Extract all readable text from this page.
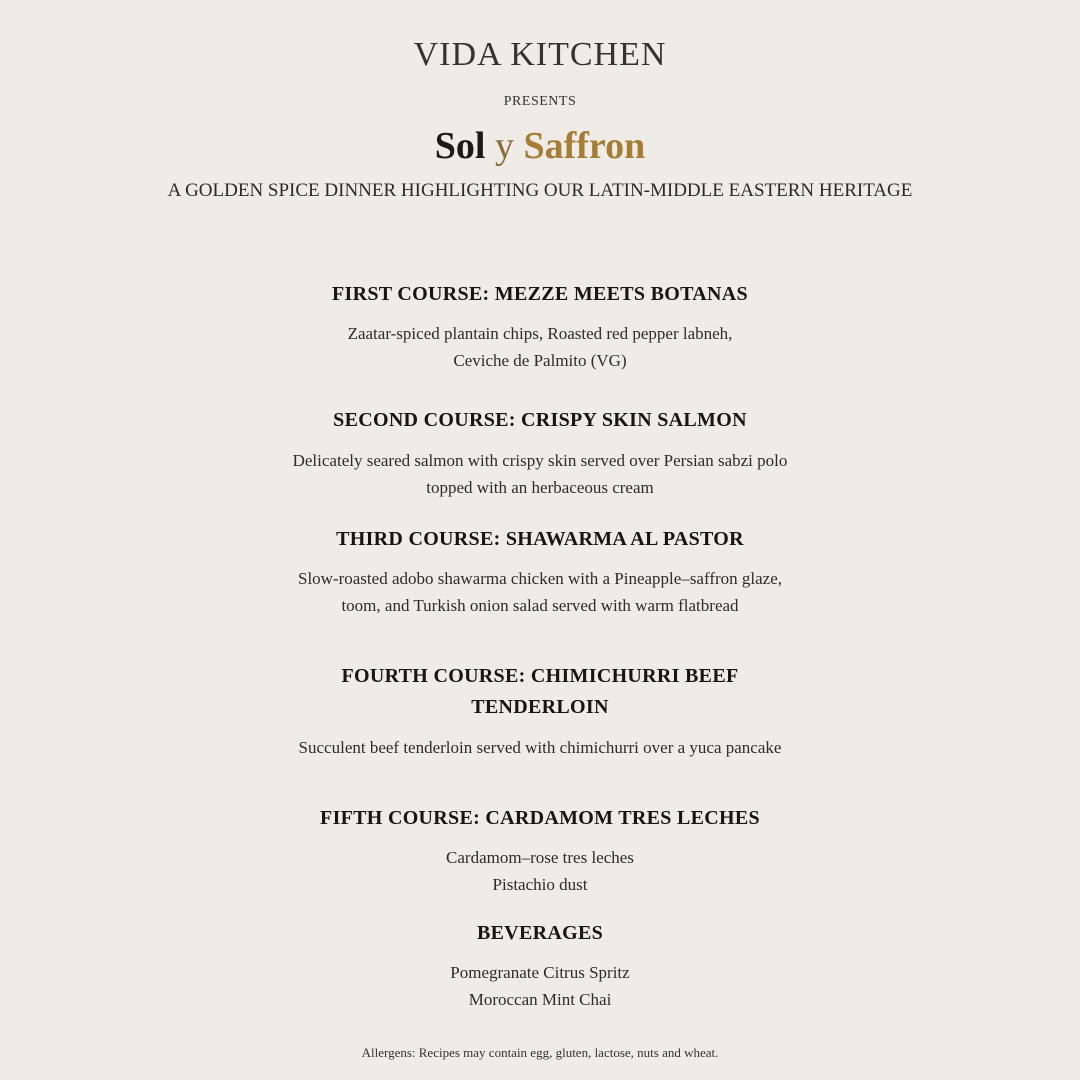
VIDA KITCHEN
PRESENTS
Sol y Saffron
A GOLDEN SPICE DINNER HIGHLIGHTING OUR LATIN-MIDDLE EASTERN HERITAGE
FIRST COURSE: MEZZE MEETS BOTANAS
Zaatar-spiced plantain chips, Roasted red pepper labneh,
Ceviche de Palmito (VG)
SECOND COURSE: CRISPY SKIN SALMON
Delicately seared salmon with crispy skin served over Persian sabzi polo
topped with an herbaceous cream
THIRD COURSE: SHAWARMA AL PASTOR
Slow-roasted adobo shawarma chicken with a Pineapple–saffron glaze,
toom, and Turkish onion salad served with warm flatbread
FOURTH COURSE: CHIMICHURRI BEEF
TENDERLOIN
Succulent beef tenderloin served with chimichurri over a yuca pancake
FIFTH COURSE: CARDAMOM TRES LECHES
Cardamom–rose tres leches
Pistachio dust
BEVERAGES
Pomegranate Citrus Spritz
Moroccan Mint Chai
Allergens: Recipes may contain egg, gluten, lactose, nuts and wheat.
